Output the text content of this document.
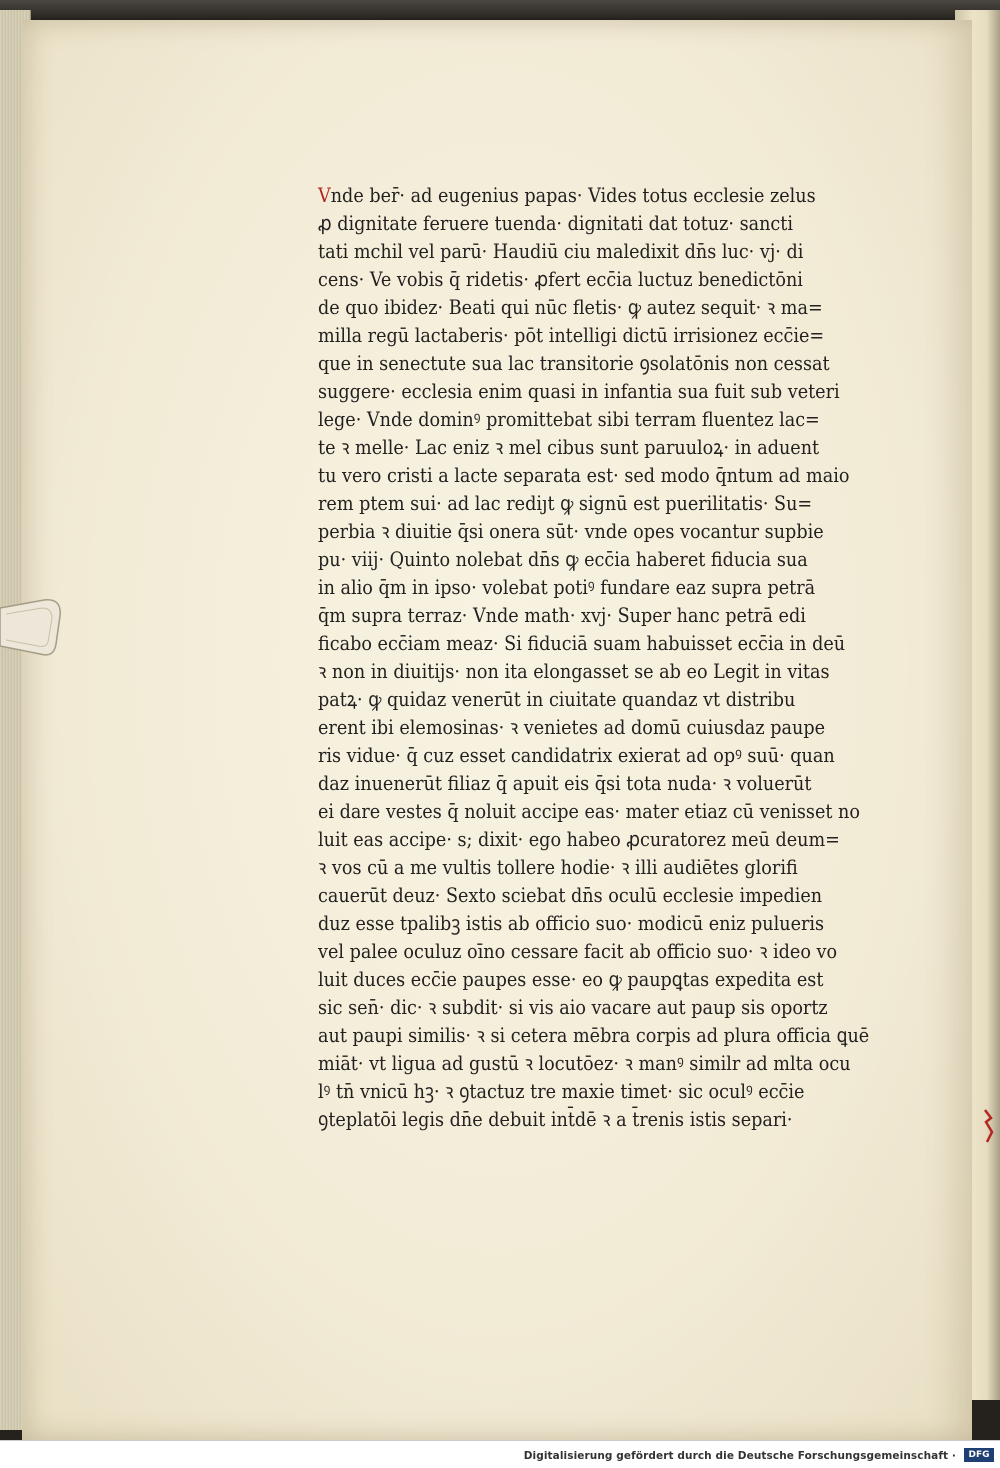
Vnde ber̄· ad eugenius papas· Vides totus ecclesie zelus
ꝓ dignitate feruere tuenda· dignitati dat totuz· sancti
tati mchil vel parū· Haudiū ciu maledixit dn̄s luc· vj· di
cens· Ve vobis q̄ ridetis· ꝓfert ecc̄ia luctuz benedictōni
de quo ibidez· Beati qui nūc fletis· ꝙ autez sequit· ꝛ ma=
milla regū lactaberis· pōt intelligi dictū irrisionez ecc̄ie=
que in senectute sua lac transitorie ꝯsolatōnis non cessat
suggere· ecclesia enim quasi in infantia sua fuit sub veteri
lege· Vnde dominꝰ promittebat sibi terram fluentez lac=
te ꝛ melle· Lac eniz ꝛ mel cibus sunt paruuloꝝ· in aduent
tu vero cristi a lacte separata est· sed modo q̄ntum ad maio
rem ptem sui· ad lac rediȷt ꝙ signū est puerilitatis· Su=
perbia ꝛ diuitie q̄si onera sūt· vnde opes vocantur supbie
pu· viij· Quinto nolebat dn̄s ꝙ ecc̄ia haberet fiducia sua
in alio q̄m in ipso· volebat potiꝰ fundare eaz supra petrā
q̄m supra terraz· Vnde math· xvj· Super hanc petrā edi
ficabo ecc̄iam meaz· Si fiduciā suam habuisset ecc̄ia in deū
ꝛ non in diuitijs· non ita elongasset se ab eo Legit in vitas
patꝝ· ꝙ quidaz venerūt in ciuitate quandaz vt distribu
erent ibi elemosinas· ꝛ venietes ad domū cuiusdaz paupe
ris vidue· q̄ cuz esset candidatrix exierat ad opꝰ suū· quan
daz inuenerūt filiaz q̄ apuit eis q̄si tota nuda· ꝛ voluerūt
ei dare vestes q̄ noluit accipe eas· mater etiaz cū venisset no
luit eas accipe· s; dixit· ego habeo ꝓcuratorez meū deum=
ꝛ vos cū a me vultis tollere hodie· ꝛ illi audiētes glorifi
cauerūt deuz· Sexto sciebat dn̄s oculū ecclesie impedien
duz esse tpalibꝫ istis ab officio suo· modicū eniz pulueris
vel palee oculuz oīno cessare facit ab officio suo· ꝛ ideo vo
luit duces ecc̄ie paupes esse· eo ꝙ paupꝗtas expedita est
sic sen̄· dic· ꝛ subdit· si vis aio vacare aut paup sis oportz
aut paupi similis· ꝛ si cetera mēbra corpis ad plura officia ꝗuē
miāt· vt ligua ad gustū ꝛ locutōez· ꝛ manꝰ similr ad mlta ocu
lꝰ tn̄ vnicū hꝫ· ꝛ ꝯtactuz tre maxie timet· sic oculꝰ ecc̄ie
ꝯteplatōi legis dn̄e debuit int̄dē ꝛ a t̄renis istis separi·
Digitalisierung gefördert durch die Deutsche Forschungsgemeinschaft ·	DFG
